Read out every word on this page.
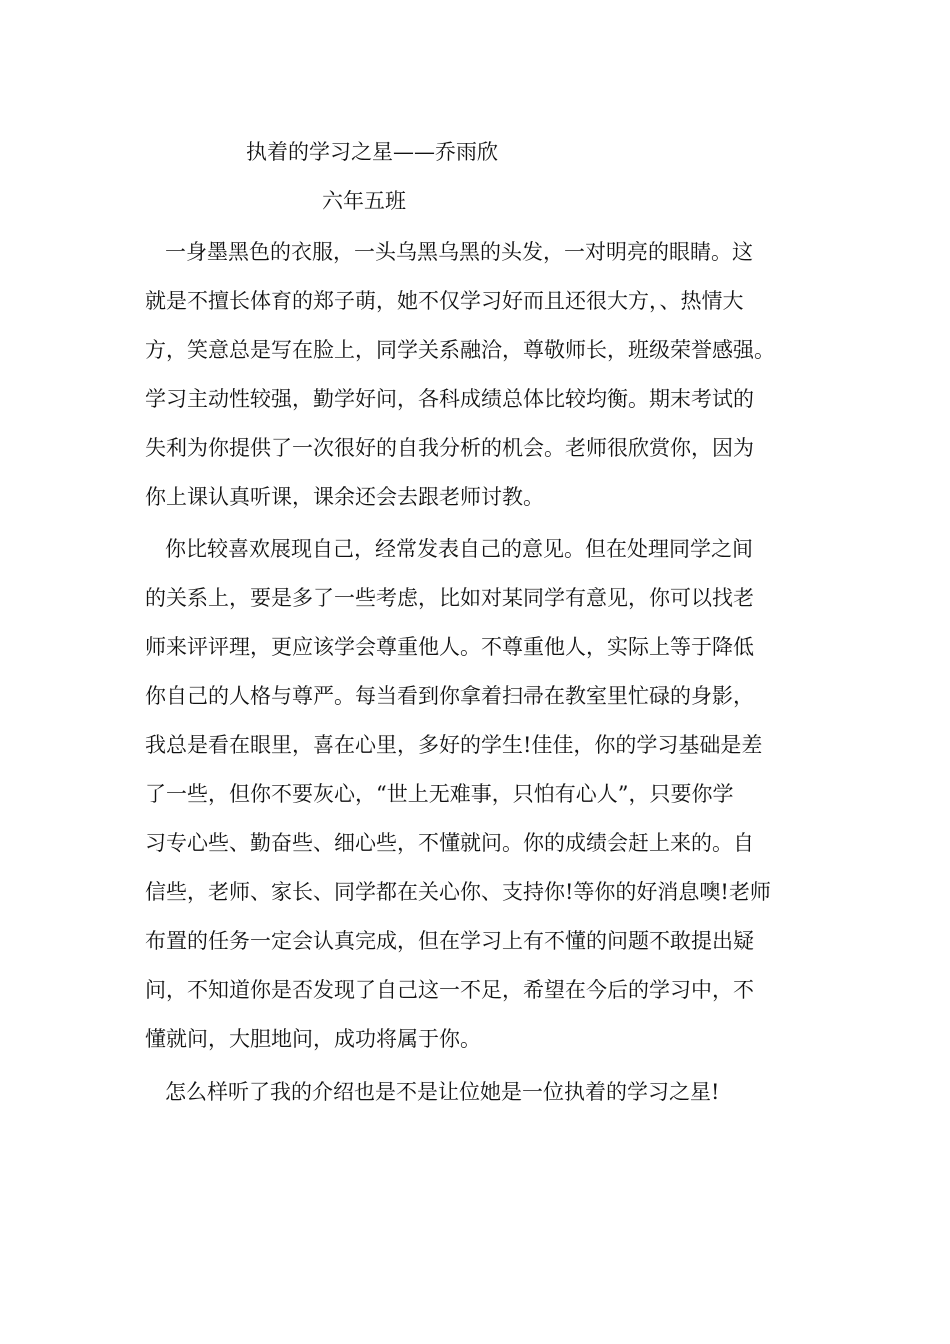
执着的学习之星——乔雨欣
六年五班
一身墨黑色的衣服，一头乌黑乌黑的头发，一对明亮的眼睛。这
就是不擅长体育的郑子萌，她不仅学习好而且还很大方，、热情大
方，笑意总是写在脸上，同学关系融洽，尊敬师长，班级荣誉感强。
学习主动性较强，勤学好问，各科成绩总体比较均衡。期末考试的
失利为你提供了一次很好的自我分析的机会。老师很欣赏你，因为
你上课认真听课，课余还会去跟老师讨教。
你比较喜欢展现自己，经常发表自己的意见。但在处理同学之间
的关系上，要是多了一些考虑，比如对某同学有意见，你可以找老
师来评评理，更应该学会尊重他人。不尊重他人，实际上等于降低
你自己的人格与尊严。每当看到你拿着扫帚在教室里忙碌的身影，
我总是看在眼里，喜在心里，多好的学生!佳佳，你的学习基础是差
了一些，但你不要灰心，“世上无难事，只怕有心人”，只要你学
习专心些、勤奋些、细心些，不懂就问。你的成绩会赶上来的。自
信些，老师、家长、同学都在关心你、支持你!等你的好消息噢!老师
布置的任务一定会认真完成，但在学习上有不懂的问题不敢提出疑
问，不知道你是否发现了自己这一不足，希望在今后的学习中，不
懂就问，大胆地问，成功将属于你。
怎么样听了我的介绍也是不是让位她是一位执着的学习之星!
